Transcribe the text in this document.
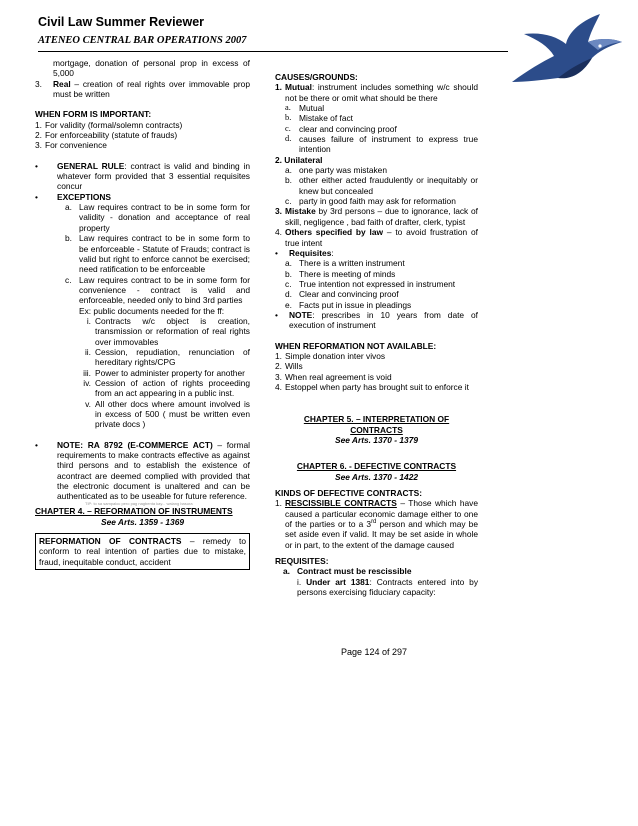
Civil Law Summer Reviewer
ATENEO CENTRAL BAR OPERATIONS 2007
mortgage, donation of personal prop in excess of 5,000
3.	Real – creation of real rights over immovable prop must be written

WHEN FORM IS IMPORTANT:

1. For validity (formal/solemn contracts)
2. For enforceability (statute of frauds)
3. For convenience
•	GENERAL RULE: contract is valid and binding in whatever form provided that 3 essential requisites concur
•	EXCEPTIONS
a. Law requires contract to be in some form for validity - donation and acceptance of real property
b. Law requires contract to be in some form to be enforceable - Statute of Frauds; contract is valid but right to enforce cannot be exercised; need ratification to be enforceable
c. Law requires contract to be in some form for convenience - contract is valid and enforceable, needed only to bind 3rd parties

Ex: public documents needed for the ff:

i. Contracts w/c object is creation, transmission or reformation of real rights over immovables
ii. Cession, repudiation, renunciation of hereditary rights/CPG
iii. Power to administer property for another
iv. Cession of action of rights proceeding from an act appearing in a public inst.
v. All other docs where amount involved is in excess of 500 ( must be written even private docs )
•	NOTE: RA 8792 (E-COMMERCE ACT) – formal requirements to make contracts effective as against third persons and to establish the existence of acontract are deemed complied with provided that the electronic document is unaltered and can be authenticated as to be useable for future reference.
TIP: to sa sampaloc pero pag nagbenta kay... walang basura

CHAPTER 4. – REFORMATION OF INSTRUMENTS

See Arts. 1359 - 1369

REFORMATION OF CONTRACTS – remedy to conform to real intention of parties due to mistake, fraud, inequitable conduct, accident

CAUSES/GROUNDS:

1. Mutual: instrument includes something w/c should not be there or omit what should be there
a. Mutual
b. Mistake of fact
c. clear and convincing proof
d. causes failure of instrument to express true intention

2. Unilateral

a. one party was mistaken
b. other either acted fraudulently or inequitably or knew but concealed
c. party in good faith may ask for reformation
3. Mistake by 3rd persons – due to ignorance, lack of skill, negligence , bad faith of drafter, clerk, typist
4. Others specified by law – to avoid frustration of true intent
•	Requisites:
a. There is a written instrument
b. There is meeting of minds
c. True intention not expressed in instrument
d. Clear and convincing proof
e. Facts put in issue in pleadings
•	NOTE: prescribes in 10 years from date of execution of instrument

WHEN REFORMATION NOT AVAILABLE:

1. Simple donation inter vivos
2. Wills
3. When real agreement is void
4. Estoppel when party has brought suit to enforce it

CHAPTER 5. – INTERPRETATION OF

CONTRACTS

See Arts. 1370 - 1379

CHAPTER 6. - DEFECTIVE CONTRACTS

See Arts. 1370 - 1422

KINDS OF DEFECTIVE CONTRACTS:

1. RESCISSIBLE CONTRACTS – Those which have caused a particular economic damage either to one of the parties or to a 3rd person and which may be set aside even if valid. It may be set aside in whole or in part, to the extent of the damage caused

REQUISITES:

a. Contract must be rescissible

i. Under art 1381: Contracts entered into by persons exercising fiduciary capacity:

Page 124 of 297
